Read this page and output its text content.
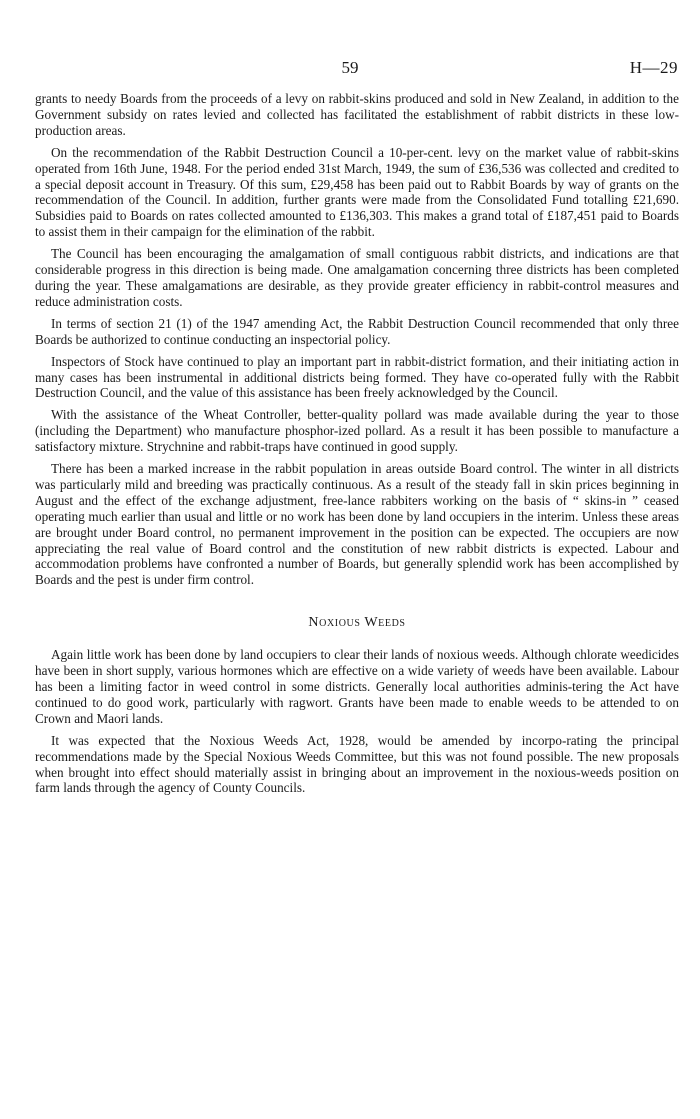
59	H—29

grants to needy Boards from the proceeds of a levy on rabbit-skins produced and sold in New Zealand, in addition to the Government subsidy on rates levied and collected has facilitated the establishment of rabbit districts in these low-production areas.

On the recommendation of the Rabbit Destruction Council a 10-per-cent. levy on the market value of rabbit-skins operated from 16th June, 1948. For the period ended 31st March, 1949, the sum of £36,536 was collected and credited to a special deposit account in Treasury. Of this sum, £29,458 has been paid out to Rabbit Boards by way of grants on the recommendation of the Council. In addition, further grants were made from the Consolidated Fund totalling £21,690. Subsidies paid to Boards on rates collected amounted to £136,303. This makes a grand total of £187,451 paid to Boards to assist them in their campaign for the elimination of the rabbit.

The Council has been encouraging the amalgamation of small contiguous rabbit districts, and indications are that considerable progress in this direction is being made. One amalgamation concerning three districts has been completed during the year. These amalgamations are desirable, as they provide greater efficiency in rabbit-control measures and reduce administration costs.

In terms of section 21 (1) of the 1947 amending Act, the Rabbit Destruction Council recommended that only three Boards be authorized to continue conducting an inspectorial policy.

Inspectors of Stock have continued to play an important part in rabbit-district formation, and their initiating action in many cases has been instrumental in additional districts being formed. They have co-operated fully with the Rabbit Destruction Council, and the value of this assistance has been freely acknowledged by the Council.

With the assistance of the Wheat Controller, better-quality pollard was made available during the year to those (including the Department) who manufacture phosphor-ized pollard. As a result it has been possible to manufacture a satisfactory mixture. Strychnine and rabbit-traps have continued in good supply.

There has been a marked increase in the rabbit population in areas outside Board control. The winter in all districts was particularly mild and breeding was practically continuous. As a result of the steady fall in skin prices beginning in August and the effect of the exchange adjustment, free-lance rabbiters working on the basis of “ skins-in ” ceased operating much earlier than usual and little or no work has been done by land occupiers in the interim. Unless these areas are brought under Board control, no permanent improvement in the position can be expected. The occupiers are now appreciating the real value of Board control and the constitution of new rabbit districts is expected. Labour and accommodation problems have confronted a number of Boards, but generally splendid work has been accomplished by Boards and the pest is under firm control.

Noxious Weeds

Again little work has been done by land occupiers to clear their lands of noxious weeds. Although chlorate weedicides have been in short supply, various hormones which are effective on a wide variety of weeds have been available. Labour has been a limiting factor in weed control in some districts. Generally local authorities adminis-tering the Act have continued to do good work, particularly with ragwort. Grants have been made to enable weeds to be attended to on Crown and Maori lands.

It was expected that the Noxious Weeds Act, 1928, would be amended by incorpo-rating the principal recommendations made by the Special Noxious Weeds Committee, but this was not found possible. The new proposals when brought into effect should materially assist in bringing about an improvement in the noxious-weeds position on farm lands through the agency of County Councils.
